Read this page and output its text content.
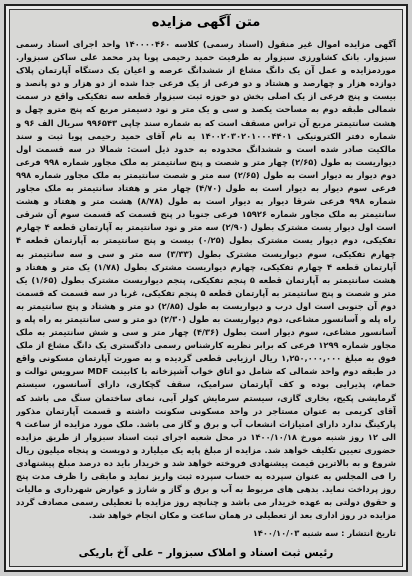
متن آگهی مزایده
آگهی مزایده اموال غیر منقول (اسناد رسمی) کلاسه ۱۴۰۰۰۰۴۶۰ واحد اجرای اسناد رسمی سبزوار. بانک کشاورزی سبزوار به طرفیت حمید رحیمی پویا پدر محمد علی ساکن سبزوار. موردمزایده و عمل آن یک دانگ مشاع از ششدانگ عرصه و اعیان یک دستگاه آپارتمان پلاک دوازده هزار و چهارصد و هشتاد و دو فرعی از یک فرعی جدا شده از دو هزار و دو پانصد و بیست و پنج فرعی از یک اصلی بخش دو حوزه ثبت سبزوار قطعه سه تفکیکی واقع در سمت شمالی طبقه دوم به مساحت یکصد و سی و یک متر و نود دسیمتر مربع که پنج مترو چهل و هشت سانتیمتر مربع آن تراس مسقف است که به شماره سند چاپی ۹۹۶۵۴۳ سریال الف ۹۶ و شماره دفتر الکترونیکی ۱۴۰۰۲۰۳۰۲۰۱۰۰۰۴۴۰۱ به نام آقای حمید رحیمی پویا ثبت و سند مالکیت صادر شده است و ششدانگ محدوده به حدود ذیل است: شمالا در سه قسمت اول دیواریست به طول (۲/۶۵) چهار متر و شصت و پنج سانتیمتر به ملک مجاور شماره ۹۹۸ فرعی دوم دیوار به دیوار است به طول (۲/۶۵) سه متر و شصت سانتیمتر به ملک مجاور شماره ۹۹۸ فرعی سوم دیوار به دیوار است به طول (۴/۷۰) چهار متر و هفتاد سانتیمتر به ملک مجاور شماره ۹۹۸ فرعی شرقا دیوار به دیوار است به طول (۸/۷۸) هشت متر و هفتاد و هشت سانتیمتر به ملک مجاور شماره ۱۵۹۲۶ فرعی جنوبا در پنج قسمت که قسمت سوم آن شرقی است اول دیوار یست مشترک بطول (۲/۹۰) سه متر و نود سانتیمتر به آپارتمان قطعه ۴ چهارم تفکیکی، دوم دیوار یست مشترک بطول (۰/۲۵) بیست و پنج سانتیمتر به آپارتمان قطعه ۴ چهارم تفکیکی، سوم دیواریست مشترک بطول (۳/۳۳) سه متر و سی و سه سانتیمتر به آپارتمان قطعه ۴ چهارم تفکیکی، چهارم دیواریست مشترک بطول (۱/۷۸) یک متر و هفتاد و هشت سانتیمتر به آپارتمان قطعه ۵ پنجم تفکیکی، پنجم دیواریست مشترک بطول (۱/۶۵) یک متر و شصت و پنج سانتیمتر به آپارتمان قطعه ۵ پنجم تفکیکی، غربا در سه قسمت که قسمت دوم آن جنوبی است اول درب و دیواریست به طول (۲/۸۵) دو متر و هشتاد و پنج سانتیمتر به راه پله و آسانسور مشاعی، دوم دیواریست به طول (۲/۳۰) دو متر و سی سانتیمتر به راه پله و آسانسور مشاعی، سوم دیوار است بطول (۴/۳۶) چهار متر و سی و شش سانتیمتر به ملک مجاور شماره ۱۲۹۹ فرعی که برابر نظریه کارشناس رسمی دادگستری یک دانگ مشاع از ملک فوق به مبلغ ۱,۲۵۰,۰۰۰,۰۰۰ ریال ارزیابی قطعی گردیده و به صورت آپارتمان مسکونی واقع در طبقه دوم واحد شمالی که شامل دو اتاق خواب آشپزخانه با کابینت MDF سرویس توالت و حمام، پذیرایی بوده و کف آپارتمان سرامیک، سقف گچکاری، دارای آسانسور، سیستم گرمایشی پکیج، بخاری گازی، سیستم سرمایش کولر آبی، نمای ساختمان سنگ می باشد که آقای کریمی به عنوان مستاجر در واحد مسکونی سکونت داشته و قسمت آپارتمان مذکور پارکینگ ندارد دارای امتیازات انشعاب آب و برق و گاز می باشد. ملک مورد مزایده از ساعت ۹ الی ۱۲ روز شنبه مورخ ۱۴۰۰/۱۰/۱۸ در محل شعبه اجرای ثبت اسناد سبزوار از طریق مزایده حضوری تعیین تکلیف خواهد شد. مزایده از مبلغ پایه یک میلیارد و دویست و پنجاه میلیون ریال شروع و به بالاترین قیمت پیشنهادی فروخته خواهد شد و خریدار باید ده درصد مبلغ پیشنهادی را فی المجلس به عنوان سپرده به حساب سپرده ثبت واریز نماید و مابقی را ظرف مدت پنج روز پرداخت نماید. بدهی های مربوط به آب و برق و گاز و شارژ و عوارض شهرداری و مالیات و حقوق دولتی به عهده خریدار می باشد و چنانچه روز مزایده با تعطیلی رسمی مصادف گردد مزایده در روز اداری بعد از تعطیلی در همان ساعت و مکان انجام خواهد شد.
تاریخ انتشار : سه شنبه ۱۴۰۰/۱۰/۰۳
رئیس ثبت اسناد و املاک سبزوار – علی آخ باریکی
